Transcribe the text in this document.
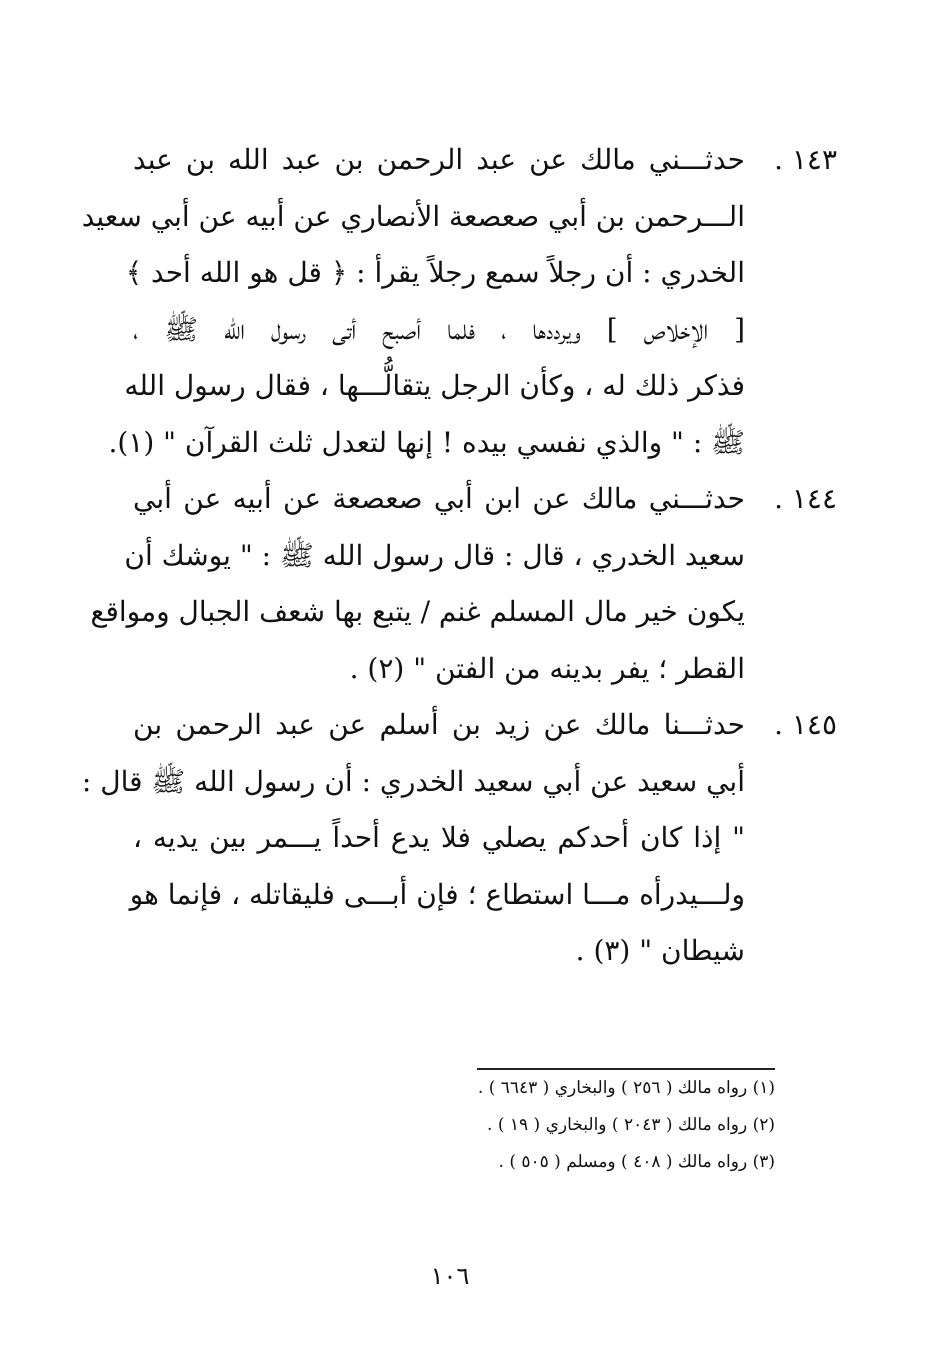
١٤٣ .
حدثـــني مالك عن عبد الرحمن بن عبد الله بن عبد
الـــرحمن بن أبي صعصعة الأنصاري عن أبيه عن أبي سعيد
الخدري : أن رجلاً سمع رجلاً يقرأ : ﴿ قل هو الله أحد ﴾
[ الإخلاص ] ويرددها ، فلما أصبح أتى رسول الله ﷺ ،
فذكر ذلك له ، وكأن الرجل يتقالُّـــها ، فقال رسول الله
ﷺ : " والذي نفسي بيده ! إنها لتعدل ثلث القرآن " (١).
١٤٤ .
حدثـــني مالك عن ابن أبي صعصعة عن أبيه عن أبي
سعيد الخدري ، قال : قال رسول الله ﷺ : " يوشك أن
يكون خير مال المسلم غنم / يتبع بها شعف الجبال ومواقع
القطر ؛ يفر بدينه من الفتن " (٢) .
١٤٥ .
حدثـــنا مالك عن زيد بن أسلم عن عبد الرحمن بن
أبي سعيد عن أبي سعيد الخدري : أن رسول الله ﷺ قال :
" إذا كان أحدكم يصلي فلا يدع أحداً يـــمر بين يديه ،
ولـــيدرأه مـــا استطاع ؛ فإن أبـــى فليقاتله ، فإنما هو
شيطان " (٣) .
(١) رواه مالك ( ٢٥٦ ) والبخاري ( ٦٦٤٣ ) .
(٢) رواه مالك ( ٢٠٤٣ ) والبخاري ( ١٩ ) .
(٣) رواه مالك ( ٤٠٨ ) ومسلم ( ٥٠٥ ) .
١٠٦
